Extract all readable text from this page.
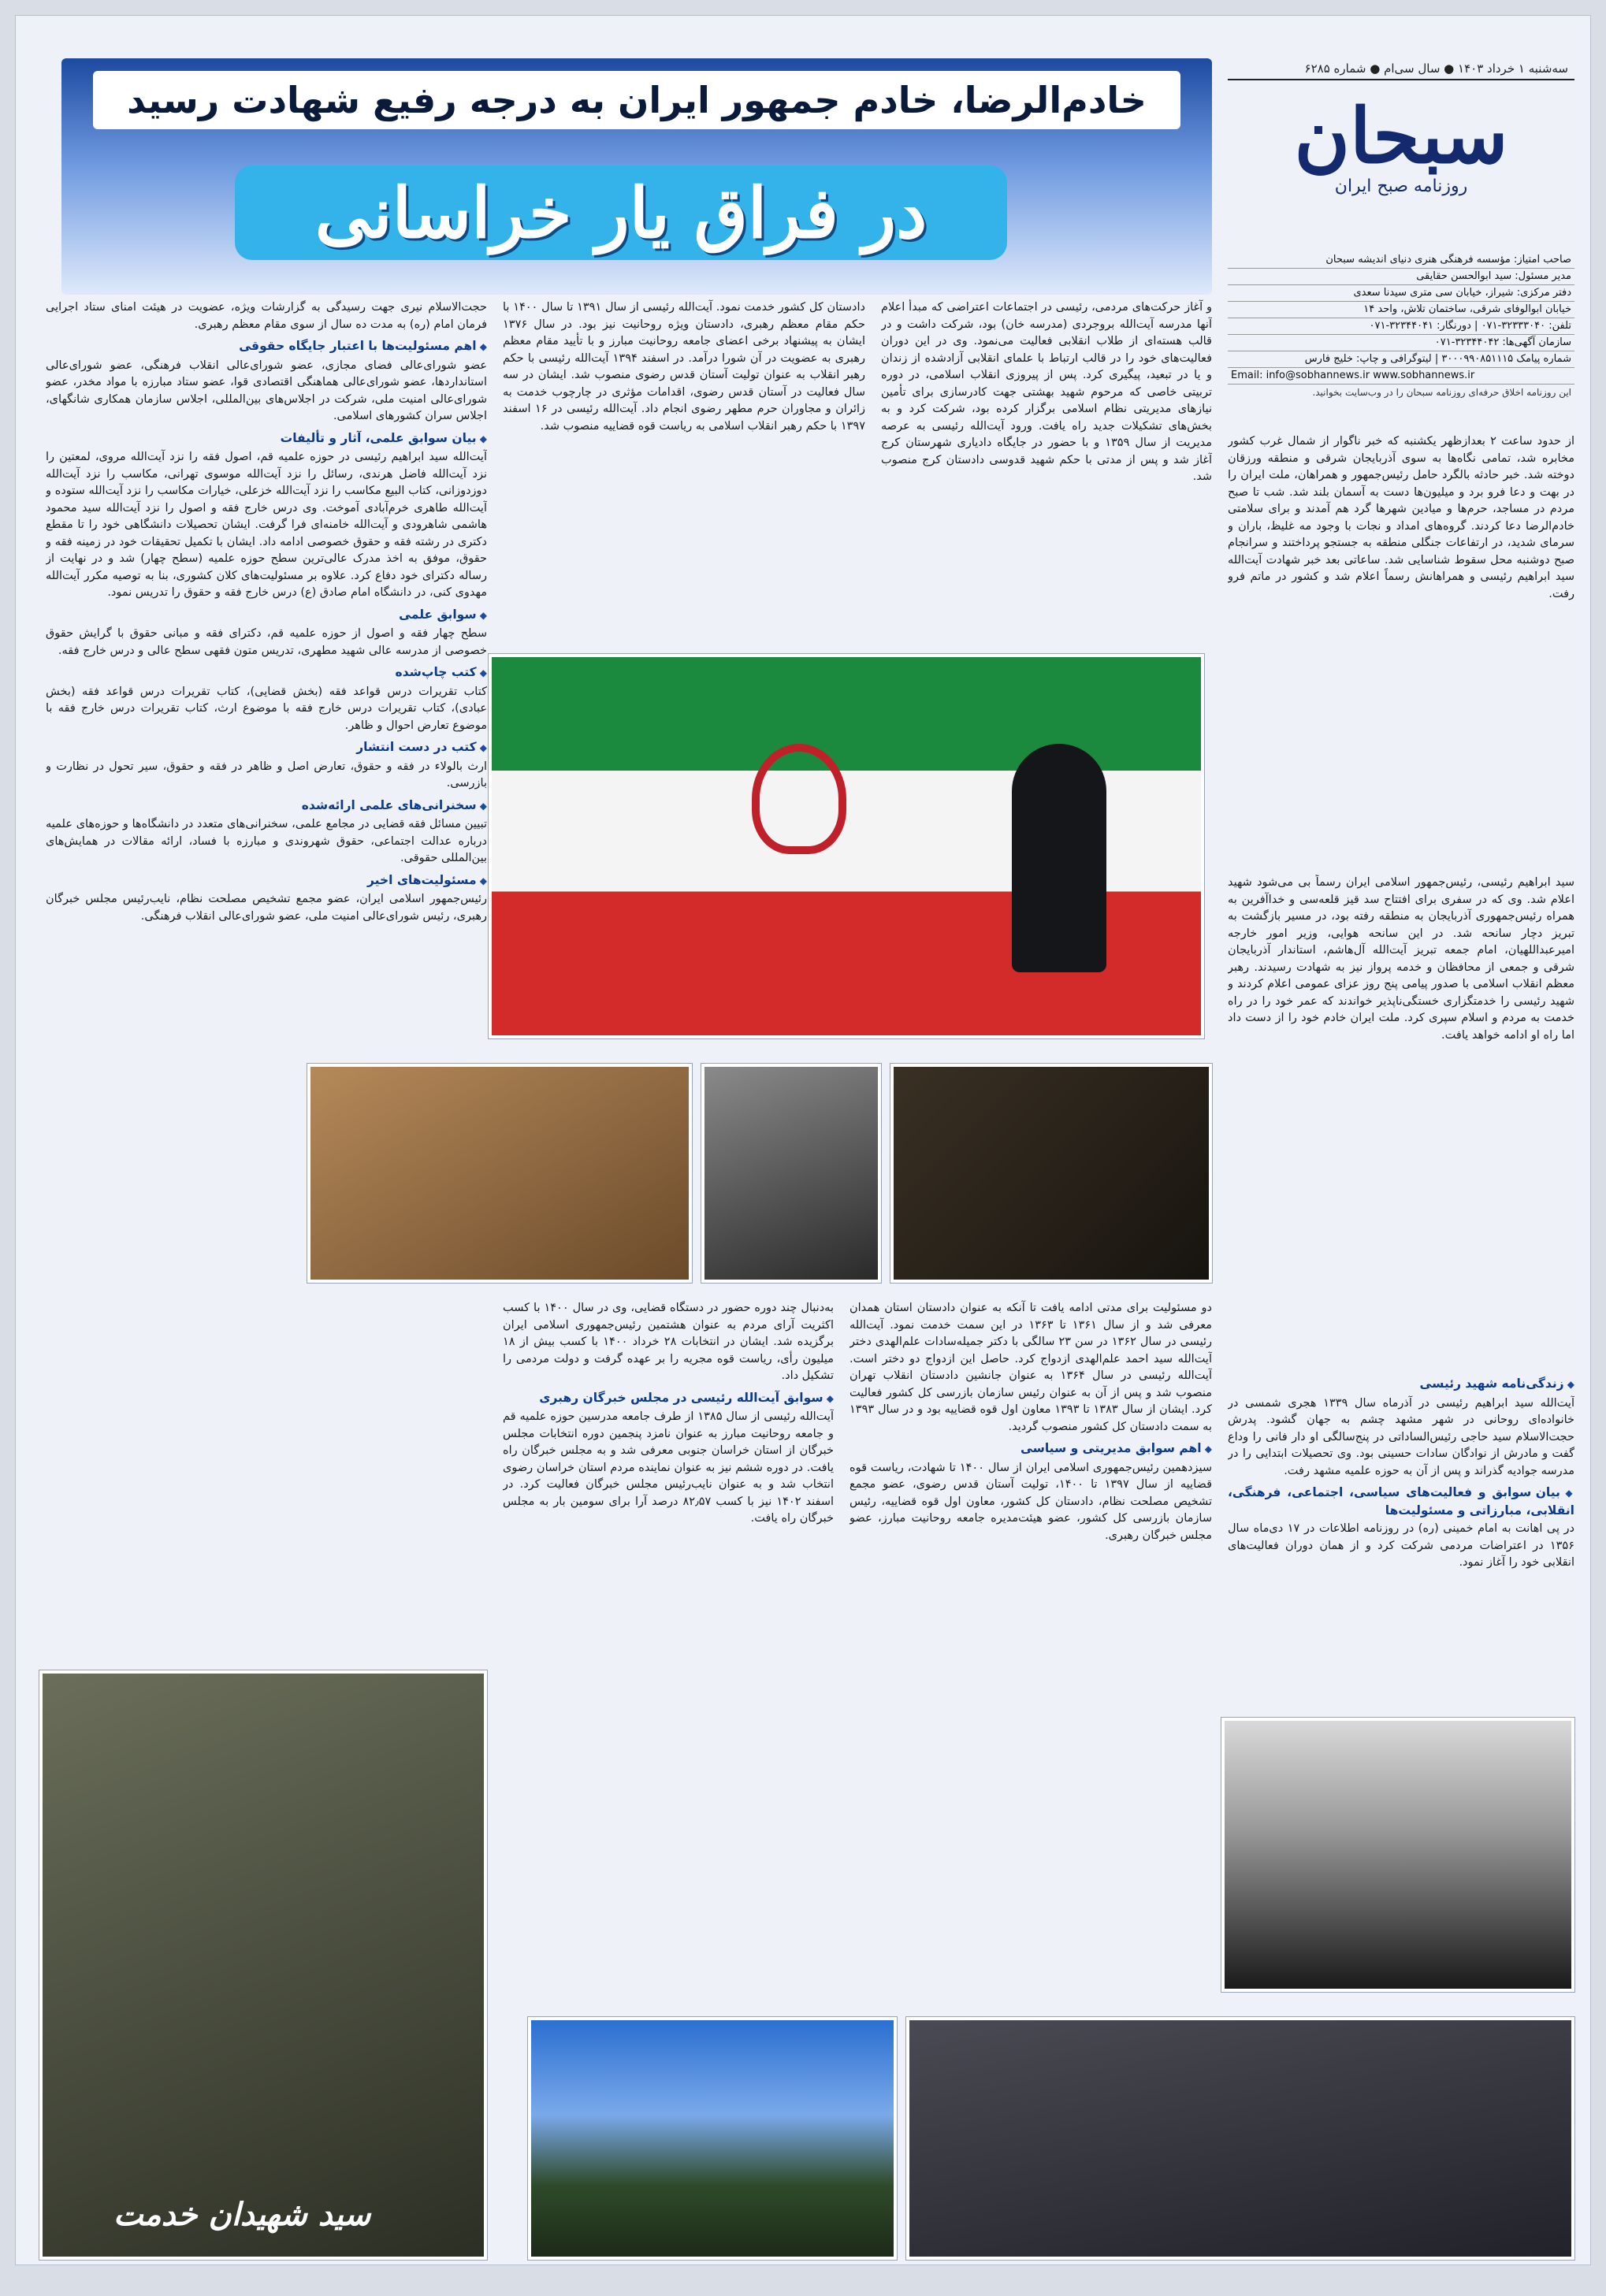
خادم‌الرضا، خادم جمهور ایران به درجه رفیع شهادت رسید
در فراق یار خراسانی
سه‌شنبه ۱ خرداد ۱۴۰۳ ● سال سی‌ام ● شماره ۶۲۸۵
سبحان
روزنامه صبح ایران
صاحب امتیاز: مؤسسه فرهنگی هنری دنیای اندیشه سبحان
مدیر مسئول: سید ابوالحسن حقایقی
دفتر مرکزی: شیراز، خیابان سی متری سیدنا سعدی
خیابان ابوالوفای شرقی، ساختمان تلاش، واحد ۱۴
تلفن: ۳۲۳۳۳۰۴۰-۰۷۱ | دورنگار: ۳۲۳۴۴۰۴۱-۰۷۱
سازمان آگهی‌ها: ۳۲۳۴۴۰۴۲-۰۷۱
شماره پیامک ۳۰۰۰۹۹۰۸۵۱۱۱۵ | لیتوگرافی و چاپ: خلیج فارس
Email: info@sobhannews.ir www.sobhannews.ir
این روزنامه اخلاق حرفه‌ای روزنامه سبحان را در وب‌سایت بخوانید.

از حدود ساعت ۲ بعدازظهر یکشنبه که خبر ناگوار از شمال غرب کشور مخابره شد، تمامی نگاه‌ها به سوی آذربایجان شرقی و منطقه ورزقان دوخته شد. خبر حادثه بالگرد حامل رئیس‌جمهور و همراهان، ملت ایران را در بهت و دعا فرو برد و میلیون‌ها دست به آسمان بلند شد. شب تا صبح مردم در مساجد، حرم‌ها و میادین شهرها گرد هم آمدند و برای سلامتی خادم‌الرضا دعا کردند. گروه‌های امداد و نجات با وجود مه غلیظ، باران و سرمای شدید، در ارتفاعات جنگلی منطقه به جستجو پرداختند و سرانجام صبح دوشنبه محل سقوط شناسایی شد. ساعاتی بعد خبر شهادت آیت‌الله سید ابراهیم رئیسی و همراهانش رسماً اعلام شد و کشور در ماتم فرو رفت.

سید ابراهیم رئیسی، رئیس‌جمهور اسلامی ایران رسماً بی می‌شود شهید اعلام شد. وی که در سفری برای افتتاح سد قیز قلعه‌سی و خداآفرین به همراه رئیس‌جمهوری آذربایجان به منطقه رفته بود، در مسیر بازگشت به تبریز دچار سانحه شد. در این سانحه هوایی، وزیر امور خارجه امیرعبداللهیان، امام جمعه تبریز آیت‌الله آل‌هاشم، استاندار آذربایجان شرقی و جمعی از محافظان و خدمه پرواز نیز به شهادت رسیدند. رهبر معظم انقلاب اسلامی با صدور پیامی پنج روز عزای عمومی اعلام کردند و شهید رئیسی را خدمتگزاری خستگی‌ناپذیر خواندند که عمر خود را در راه خدمت به مردم و اسلام سپری کرد. ملت ایران خادم خود را از دست داد اما راه او ادامه خواهد یافت.

◆ زندگی‌نامه شهید رئیسی

آیت‌الله سید ابراهیم رئیسی در آذرماه سال ۱۳۳۹ هجری شمسی در خانواده‌ای روحانی در شهر مشهد چشم به جهان گشود. پدرش حجت‌الاسلام سید حاجی رئیس‌الساداتی در پنج‌سالگی او دار فانی را وداع گفت و مادرش از نوادگان سادات حسینی بود. وی تحصیلات ابتدایی را در مدرسه جوادیه گذراند و پس از آن به حوزه علمیه مشهد رفت.

◆ بیان سوابق و فعالیت‌های سیاسی، اجتماعی، فرهنگی، انقلابی، مبارزاتی و مسئولیت‌ها

در پی اهانت به امام خمینی (ره) در روزنامه اطلاعات در ۱۷ دی‌ماه سال ۱۳۵۶ در اعتراضات مردمی شرکت کرد و از همان دوران فعالیت‌های انقلابی خود را آغاز نمود.

و آغاز حرکت‌های مردمی، رئیسی در اجتماعات اعتراضی که مبدأ اعلام آنها مدرسه آیت‌الله بروجردی (مدرسه خان) بود، شرکت داشت و در قالب هسته‌ای از طلاب انقلابی فعالیت می‌نمود. وی در این دوران فعالیت‌های خود را در قالب ارتباط با علمای انقلابی آزادشده از زندان و یا در تبعید، پیگیری کرد. پس از پیروزی انقلاب اسلامی، در دوره تربیتی خاصی که مرحوم شهید بهشتی جهت کادرسازی برای تأمین نیازهای مدیریتی نظام اسلامی برگزار کرده بود، شرکت کرد و به بخش‌های تشکیلات جدید راه یافت. ورود آیت‌الله رئیسی به عرصه مدیریت از سال ۱۳۵۹ و با حضور در جایگاه دادیاری شهرستان کرج آغاز شد و پس از مدتی با حکم شهید قدوسی دادستان کرج منصوب شد.

دادستان کل کشور خدمت نمود. آیت‌الله رئیسی از سال ۱۳۹۱ تا سال ۱۴۰۰ با حکم مقام معظم رهبری، دادستان ویژه روحانیت نیز بود. در سال ۱۳۷۶ ایشان به پیشنهاد برخی اعضای جامعه روحانیت مبارز و با تأیید مقام معظم رهبری به عضویت در آن شورا درآمد. در اسفند ۱۳۹۴ آیت‌الله رئیسی با حکم رهبر انقلاب به عنوان تولیت آستان قدس رضوی منصوب شد. ایشان در سه سال فعالیت در آستان قدس رضوی، اقدامات مؤثری در چارچوب خدمت به زائران و مجاوران حرم مطهر رضوی انجام داد. آیت‌الله رئیسی در ۱۶ اسفند ۱۳۹۷ با حکم رهبر انقلاب اسلامی به ریاست قوه قضاییه منصوب شد.

حجت‌الاسلام نیری جهت رسیدگی به گزارشات ویژه، عضویت در هیئت امنای ستاد اجرایی فرمان امام (ره) به مدت ده سال از سوی مقام معظم رهبری.

◆ اهم مسئولیت‌ها با اعتبار جایگاه حقوقی

عضو شورای‌عالی فضای مجازی، عضو شورای‌عالی انقلاب فرهنگی، عضو شورای‌عالی استانداردها، عضو شورای‌عالی هماهنگی اقتصادی قوا، عضو ستاد مبارزه با مواد مخدر، عضو شورای‌عالی امنیت ملی، شرکت در اجلاس‌های بین‌المللی، اجلاس سازمان همکاری شانگهای، اجلاس سران کشورهای اسلامی.

◆ بیان سوابق علمی، آثار و تألیفات

آیت‌الله سید ابراهیم رئیسی در حوزه علمیه قم، اصول فقه را نزد آیت‌الله مروی، لمعتین را نزد آیت‌الله فاضل هرندی، رسائل را نزد آیت‌الله موسوی تهرانی، مکاسب را نزد آیت‌الله دوزدوزانی، کتاب البیع مکاسب را نزد آیت‌الله خزعلی، خیارات مکاسب را نزد آیت‌الله ستوده و آیت‌الله طاهری خرم‌آبادی آموخت. وی درس خارج فقه و اصول را نزد آیت‌الله سید محمود هاشمی شاهرودی و آیت‌الله خامنه‌ای فرا گرفت. ایشان تحصیلات دانشگاهی خود را تا مقطع دکتری در رشته فقه و حقوق خصوصی ادامه داد. ایشان با تکمیل تحقیقات خود در زمینه فقه و حقوق، موفق به اخذ مدرک عالی‌ترین سطح حوزه علمیه (سطح چهار) شد و در نهایت از رساله دکترای خود دفاع کرد. علاوه بر مسئولیت‌های کلان کشوری، بنا به توصیه مکرر آیت‌الله مهدوی کنی، در دانشگاه امام صادق (ع) درس خارج فقه و حقوق را تدریس نمود.

◆ سوابق علمی

سطح چهار فقه و اصول از حوزه علمیه قم، دکترای فقه و مبانی حقوق با گرایش حقوق خصوصی از مدرسه عالی شهید مطهری، تدریس متون فقهی سطح عالی و درس خارج فقه.

◆ کتب چاپ‌شده

کتاب تقریرات درس قواعد فقه (بخش قضایی)، کتاب تقریرات درس قواعد فقه (بخش عبادی)، کتاب تقریرات درس خارج فقه با موضوع ارث، کتاب تقریرات درس خارج فقه با موضوع تعارض احوال و ظاهر.

◆ کتب در دست انتشار

ارث بالولاء در فقه و حقوق، تعارض اصل و ظاهر در فقه و حقوق، سیر تحول در نظارت و بازرسی.

◆ سخنرانی‌های علمی ارائه‌شده

تبیین مسائل فقه قضایی در مجامع علمی، سخنرانی‌های متعدد در دانشگاه‌ها و حوزه‌های علمیه درباره عدالت اجتماعی، حقوق شهروندی و مبارزه با فساد، ارائه مقالات در همایش‌های بین‌المللی حقوقی.

◆ مسئولیت‌های اخیر

رئیس‌جمهور اسلامی ایران، عضو مجمع تشخیص مصلحت نظام، نایب‌رئیس مجلس خبرگان رهبری، رئیس شورای‌عالی امنیت ملی، عضو شورای‌عالی انقلاب فرهنگی.

دو مسئولیت برای مدتی ادامه یافت تا آنکه به عنوان دادستان استان همدان معرفی شد و از سال ۱۳۶۱ تا ۱۳۶۳ در این سمت خدمت نمود. آیت‌الله رئیسی در سال ۱۳۶۲ در سن ۲۳ سالگی با دکتر جمیله‌سادات علم‌الهدی دختر آیت‌الله سید احمد علم‌الهدی ازدواج کرد. حاصل این ازدواج دو دختر است. آیت‌الله رئیسی در سال ۱۳۶۴ به عنوان جانشین دادستان انقلاب تهران منصوب شد و پس از آن به عنوان رئیس سازمان بازرسی کل کشور فعالیت کرد. ایشان از سال ۱۳۸۳ تا ۱۳۹۳ معاون اول قوه قضاییه بود و در سال ۱۳۹۳ به سمت دادستان کل کشور منصوب گردید.

◆ اهم سوابق مدیریتی و سیاسی

سیزدهمین رئیس‌جمهوری اسلامی ایران از سال ۱۴۰۰ تا شهادت، ریاست قوه قضاییه از سال ۱۳۹۷ تا ۱۴۰۰، تولیت آستان قدس رضوی، عضو مجمع تشخیص مصلحت نظام، دادستان کل کشور، معاون اول قوه قضاییه، رئیس سازمان بازرسی کل کشور، عضو هیئت‌مدیره جامعه روحانیت مبارز، عضو مجلس خبرگان رهبری.

به‌دنبال چند دوره حضور در دستگاه قضایی، وی در سال ۱۴۰۰ با کسب اکثریت آرای مردم به عنوان هشتمین رئیس‌جمهوری اسلامی ایران برگزیده شد. ایشان در انتخابات ۲۸ خرداد ۱۴۰۰ با کسب بیش از ۱۸ میلیون رأی، ریاست قوه مجریه را بر عهده گرفت و دولت مردمی را تشکیل داد.

◆ سوابق آیت‌الله رئیسی در مجلس خبرگان رهبری

آیت‌الله رئیسی از سال ۱۳۸۵ از طرف جامعه مدرسین حوزه علمیه قم و جامعه روحانیت مبارز به عنوان نامزد پنجمین دوره انتخابات مجلس خبرگان از استان خراسان جنوبی معرفی شد و به مجلس خبرگان راه یافت. در دوره ششم نیز به عنوان نماینده مردم استان خراسان رضوی انتخاب شد و به عنوان نایب‌رئیس مجلس خبرگان فعالیت کرد. در اسفند ۱۴۰۲ نیز با کسب ۸۲٫۵۷ درصد آرا برای سومین بار به مجلس خبرگان راه یافت.

سید شهیدان خدمت
